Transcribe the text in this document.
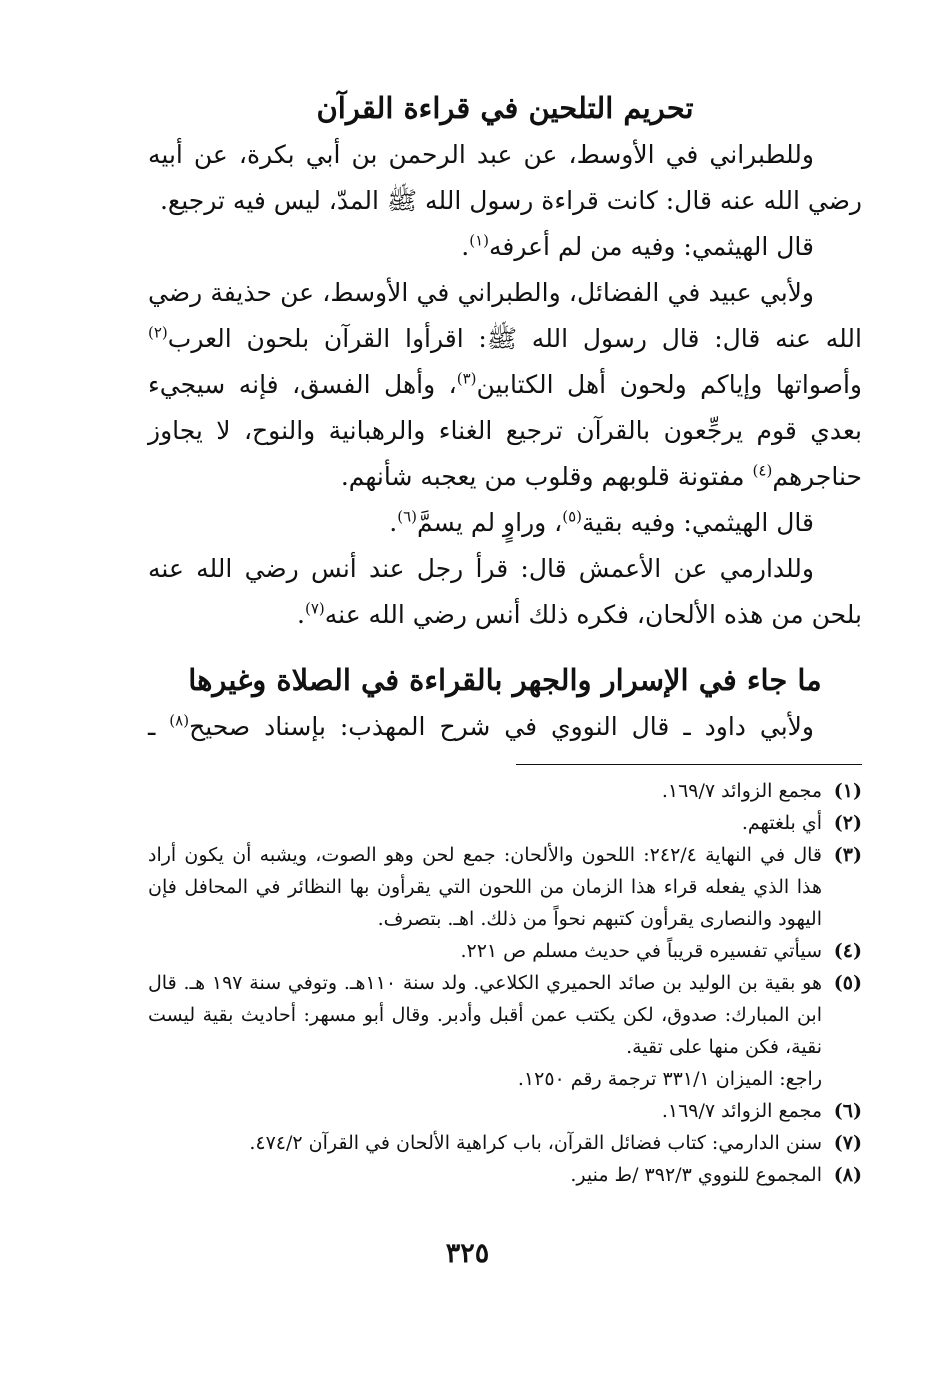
تحريم التلحين في قراءة القرآن

وللطبراني في الأوسط، عن عبد الرحمن بن أبي بكرة، عن أبيه رضي الله عنه قال: كانت قراءة رسول الله ﷺ المدّ، ليس فيه ترجيع.

قال الهيثمي: وفيه من لم أعرفه$^{(١)}$.

ولأبي عبيد في الفضائل، والطبراني في الأوسط، عن حذيفة رضي الله عنه قال: قال رسول الله ﷺ: اقرأوا القرآن بلحون العرب$^{(٢)}$ وأصواتها وإياكم ولحون أهل الكتابين$^{(٣)}$، وأهل الفسق، فإنه سيجيء بعدي قوم يرجِّعون بالقرآن ترجيع الغناء والرهبانية والنوح، لا يجاوز حناجرهم$^{(٤)}$ مفتونة قلوبهم وقلوب من يعجبه شأنهم.

قال الهيثمي: وفيه بقية$^{(٥)}$، وراوٍ لم يسمَّ$^{(٦)}$.

وللدارمي عن الأعمش قال: قرأ رجل عند أنس رضي الله عنه بلحن من هذه الألحان، فكره ذلك أنس رضي الله عنه$^{(٧)}$.

ما جاء في الإسرار والجهر بالقراءة في الصلاة وغيرها

ولأبي داود ـ قال النووي في شرح المهذب: بإسناد صحيح$^{(٨)}$ ـ

(١)
مجمع الزوائد ١٦٩/٧.
(٢)
أي بلغتهم.
(٣)
قال في النهاية ٢٤٢/٤: اللحون والألحان: جمع لحن وهو الصوت، ويشبه أن يكون أراد هذا الذي يفعله قراء هذا الزمان من اللحون التي يقرأون بها النظائر في المحافل فإن اليهود والنصارى يقرأون كتبهم نحواً من ذلك. اهـ. بتصرف.
(٤)
سيأتي تفسيره قريباً في حديث مسلم ص ٢٢١.
(٥)
هو بقية بن الوليد بن صائد الحميري الكلاعي. ولد سنة ١١٠هـ. وتوفي سنة ١٩٧ هـ. قال ابن المبارك: صدوق، لكن يكتب عمن أقبل وأدبر. وقال أبو مسهر: أحاديث بقية ليست نقية، فكن منها على تقية.
راجع: الميزان ٣٣١/١ ترجمة رقم ١٢٥٠.
(٦)
مجمع الزوائد ١٦٩/٧.
(٧)
سنن الدارمي: كتاب فضائل القرآن، باب كراهية الألحان في القرآن ٤٧٤/٢.
(٨)
المجموع للنووي ٣٩٢/٣ /ط منير.
٣٢٥
